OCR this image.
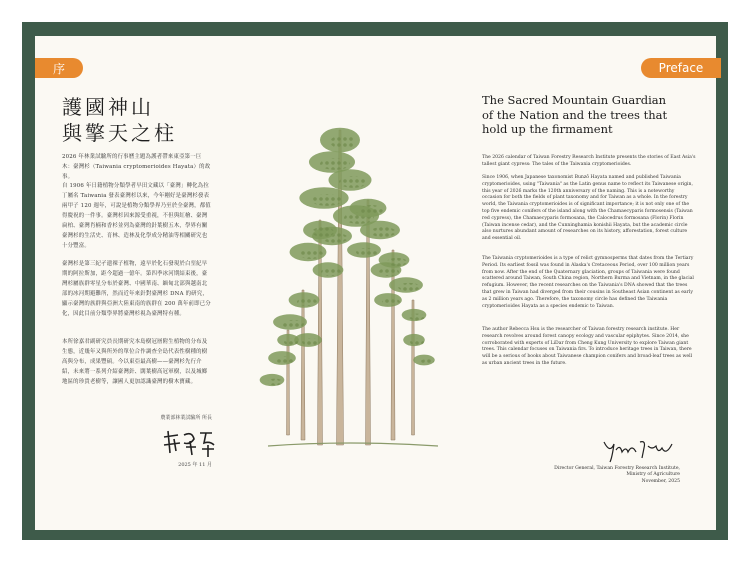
序	Preface
護國神山
與擎天之柱

2026 年林業試驗所的行事曆主題為護者帶來東亞第一巨木：臺灣杉（Taiwania cryptomerioides Hayata）的故事。

自 1906 年日籍植物分類學者早田文藏以「臺灣」轉化為拉丁屬名 Taiwania 發表臺灣杉以來，今年剛好是臺灣杉發表兩甲子 120 週年，可說是植物分類學界乃至於全臺灣，都值得慶祝的一件事。臺灣杉因來源受重視，不但與紅檜、臺灣扁柏、臺灣肖楠和香杉並列為臺灣的針葉樹五木，學界有關臺灣杉的生活史、育林、造林及化學成分精油等相關研究也十分豐富。

臺灣杉是第三紀孑遺裸子植物，遠早於化石發現於白堊紀早期的阿拉斯加，距今超過一億年。第四季冰河期結束後，臺灣杉屬族群零星分布於臺灣、中國華南、緬甸北部與越南北部的冰河期避難所，然而近年來針對臺灣杉 DNA 的研究，顯示臺灣的族群與亞洲大陸東南的族群在 200 萬年前即已分化，因此目前分類學界將臺灣杉視為臺灣特有種。

本所徐嘉君副研究員長期研究本島樹冠層附生植物的分布及生態，近幾年又與所外的單位合作調查全島代表性樹種的樹高與分布，成果豐碩。今以東亞最高樹——臺灣杉先行介紹，未來將一系列介紹臺灣針、闊葉樹高冠軍樹，以及城鄉地區的珍貴老樹等，讓國人更加認識臺灣的樹木寶藏。

農業部林業試驗所 所長
2025 年 11 月
The Sacred Mountain Guardian
of the Nation and the trees that
hold up the firmament

The 2026 calendar of Taiwan Forestry Research Institute presents the stories of East Asia's tallest giant cypress: The tales of the Taiwania cryptomerioides.

Since 1906, when Japanese taxonomist Bunzō Hayata named and published Taiwania cryptomerioides, using "Taiwania" as the Latin genus name to reflect its Taiwanese origin, this year of 2026 marks the 120th anniversary of the naming. This is a noteworthy occasion for both the fields of plant taxonomy and for Taiwan as a whole. In the forestry world, the Taiwania cryptomerioides is of significant importance; it is not only one of the top five endemic conifers of the island along with the Chamaecyparis formosensis (Taiwan red cypress), the Chamaecyparis formosana, the Calocedrus formosana (Florin) Florin (Taiwan incense cedar), and the Cunninghamia konishii Hayata, but the academic circle also nurtures abundant amount of researches on its history, afforestation, forest culture and essential oil.

The Taiwania cryptomerioides is a type of relict gymnosperms that dates from the Tertiary Period. Its earliest fossil was found in Alaska's Cretaceous Period, over 100 million years from now. After the end of the Quaternary glaciation, groups of Taiwania were found scattered around Taiwan, South China region, Northern Burma and Vietnam, in the glacial refugium. However, the recent researches on the Taiwania's DNA showed that the trees that grew in Taiwan had diverged from their cousins in Southeast Asian continent as early as 2 million years ago. Therefore, the taxonomy circle has defined the Taiwania cryptomerioides Hayata as a species endemic to Taiwan.

The author Rebecca Hsu is the researcher of Taiwan forestry research institute. Her research revolves around forest canopy ecology and vascular epiphytes. Since 2014, she corroborated with experts of LiDar from Cheng Kung University to explore Taiwan giant trees. This calendar focuses on Taiwania firs. To introduce heritage trees in Taiwan, there will be a serious of books about Taiwanese champion conifers and broad-leaf trees as well as urban ancient trees in the future.

Director General, Taiwan Forestry Research Institute,
Ministry of Agriculture
November, 2025
